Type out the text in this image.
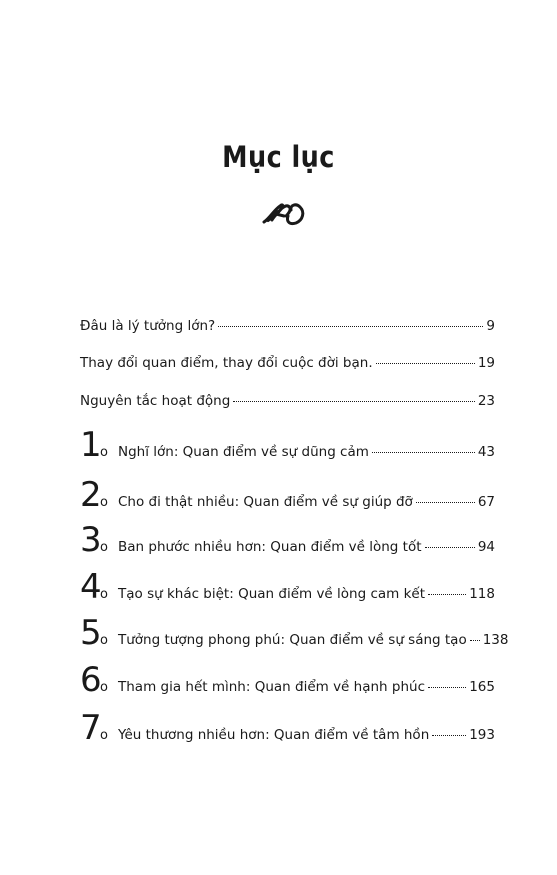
Mục lục
Đâu là lý tưởng lớn?	9
Thay đổi quan điểm, thay đổi cuộc đời bạn.	19
Nguyên tắc hoạt động	23
1 o	Nghĩ lớn: Quan điểm về sự dũng cảm	43
2 o	Cho đi thật nhiều: Quan điểm về sự giúp đỡ	67
3 o	Ban phước nhiều hơn: Quan điểm về lòng tốt	94
4 o	Tạo sự khác biệt: Quan điểm về lòng cam kết	118
5 o	Tưởng tượng phong phú: Quan điểm về sự sáng tạo 138
6 o	Tham gia hết mình: Quan điểm về hạnh phúc	165
7 o	Yêu thương nhiều hơn: Quan điểm về tâm hồn	193
